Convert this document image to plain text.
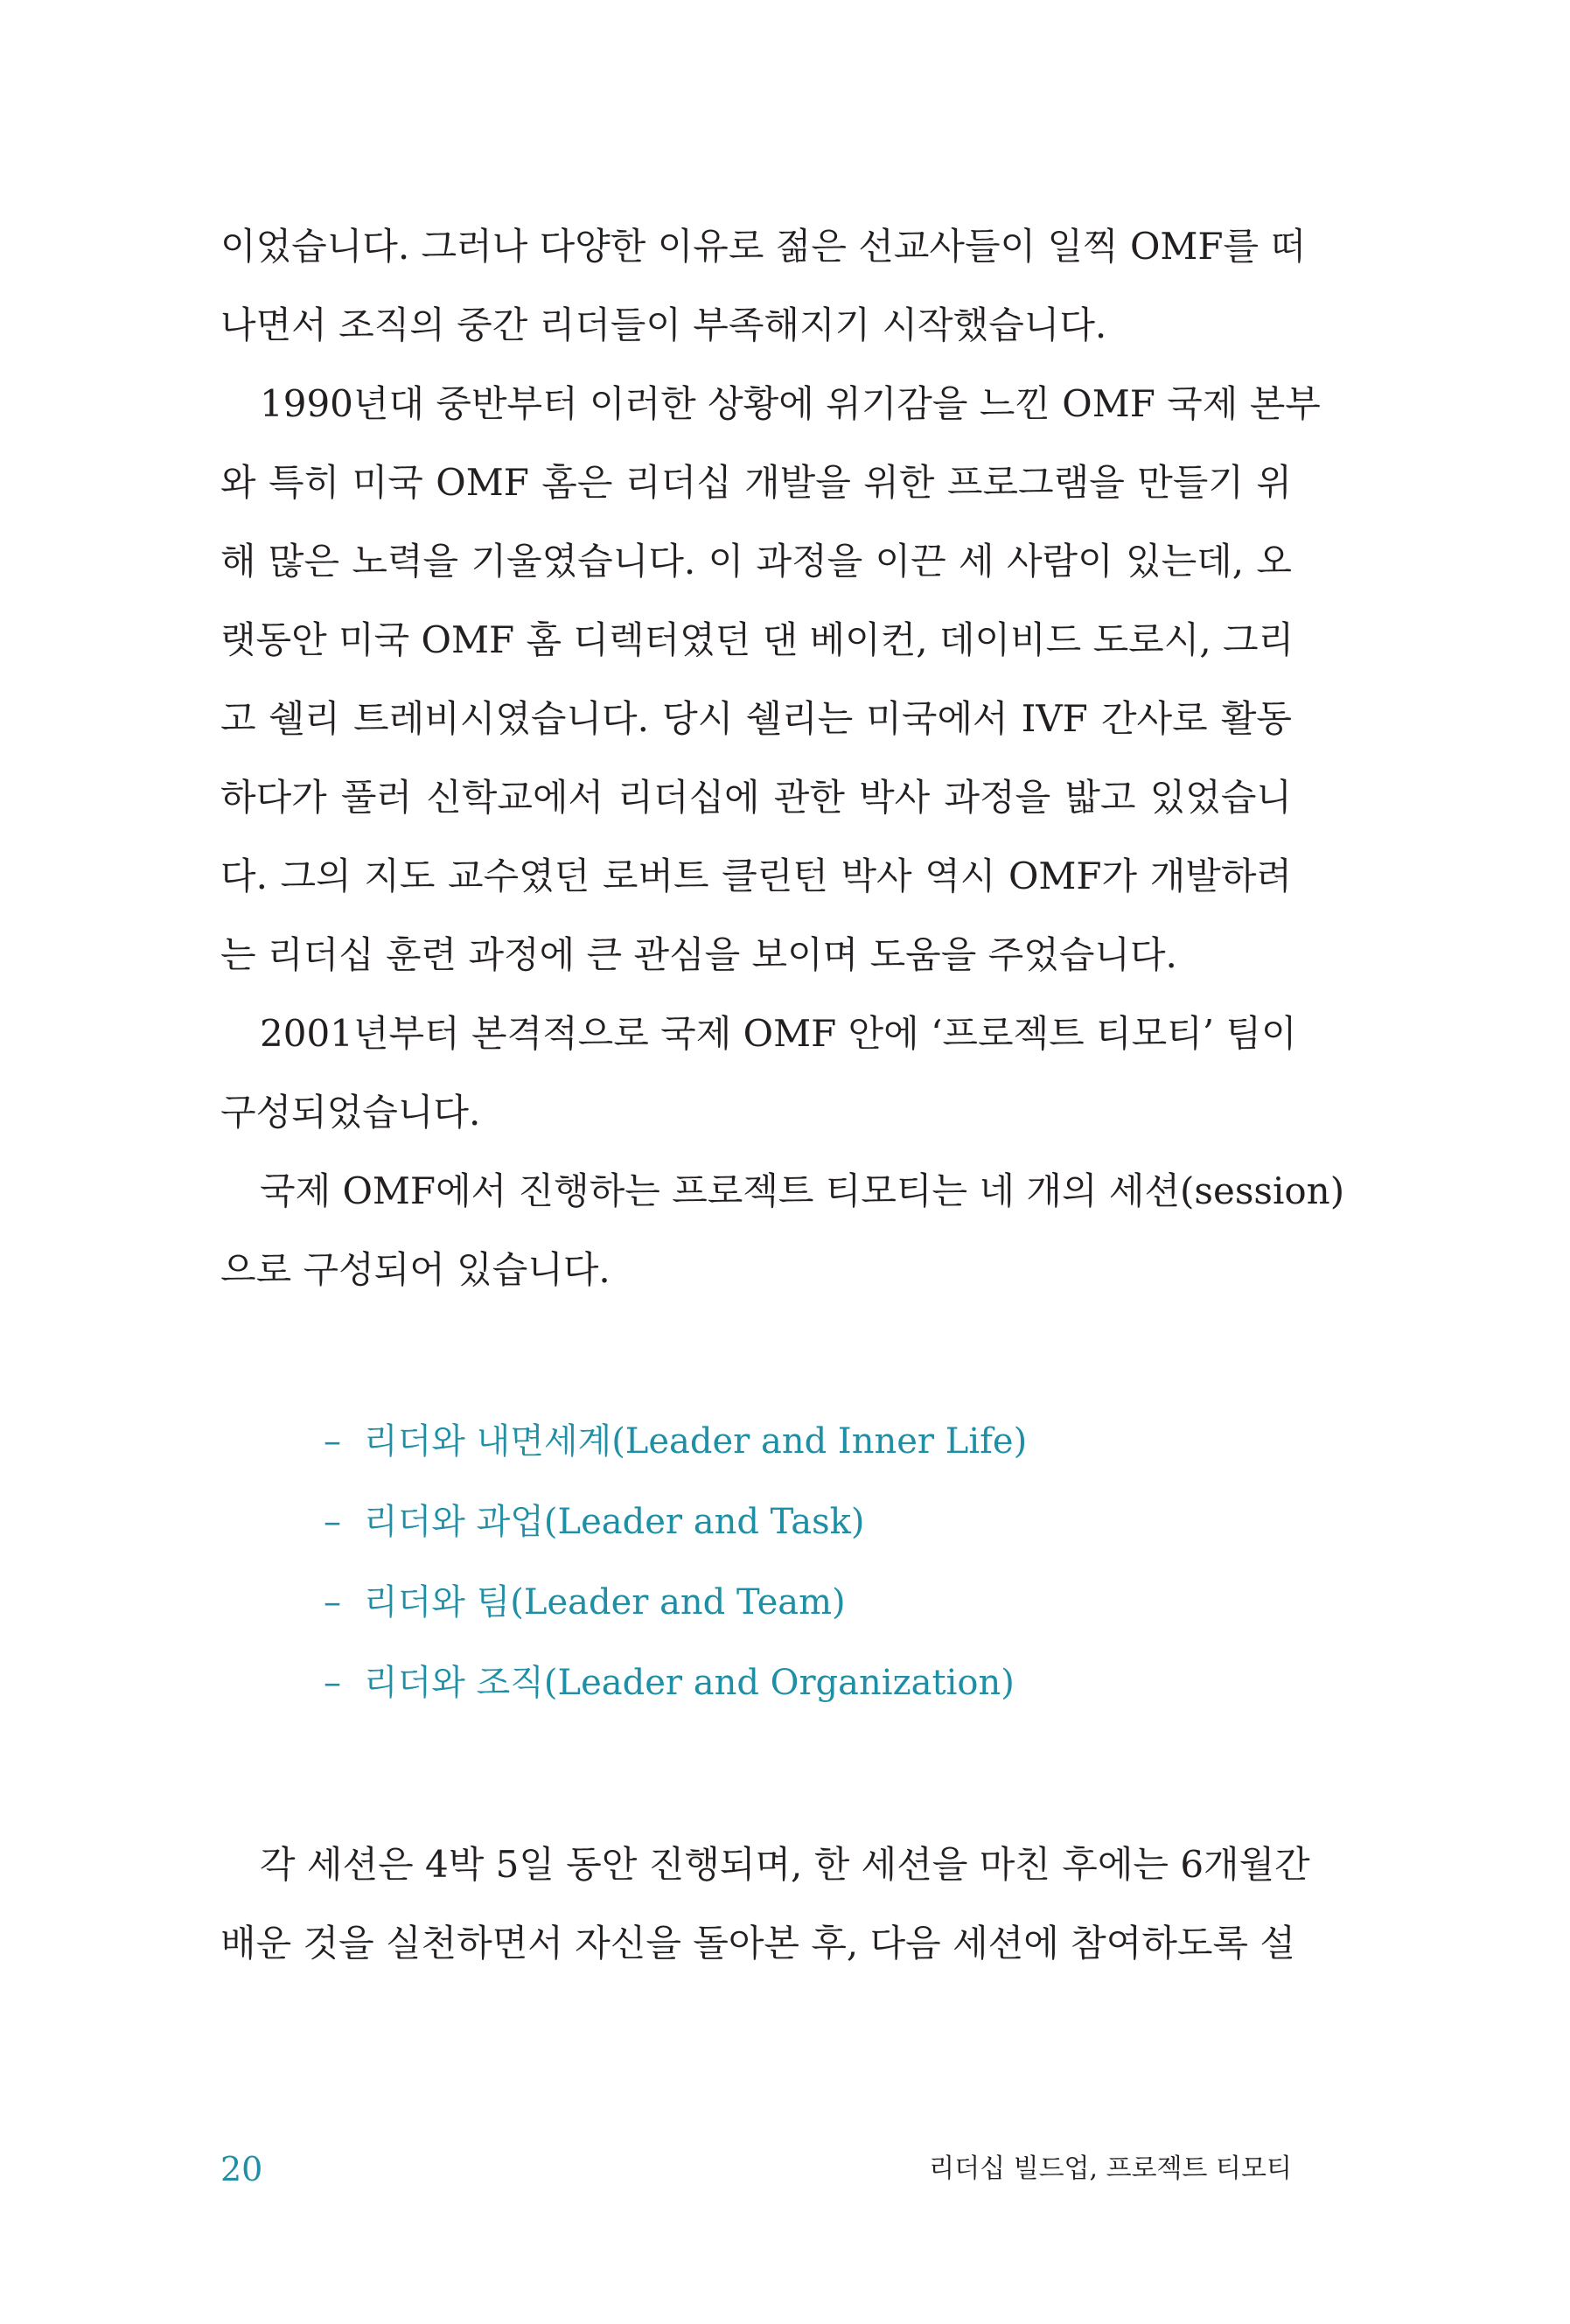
이었습니다. 그러나 다양한 이유로 젊은 선교사들이 일찍 OMF를 떠
나면서 조직의 중간 리더들이 부족해지기 시작했습니다.
1990년대 중반부터 이러한 상황에 위기감을 느낀 OMF 국제 본부
와 특히 미국 OMF 홈은 리더십 개발을 위한 프로그램을 만들기 위
해 많은 노력을 기울였습니다. 이 과정을 이끈 세 사람이 있는데, 오
랫동안 미국 OMF 홈 디렉터였던 댄 베이컨, 데이비드 도로시, 그리
고 쉘리 트레비시였습니다. 당시 쉘리는 미국에서 IVF 간사로 활동
하다가 풀러 신학교에서 리더십에 관한 박사 과정을 밟고 있었습니
다. 그의 지도 교수였던 로버트 클린턴 박사 역시 OMF가 개발하려
는 리더십 훈련 과정에 큰 관심을 보이며 도움을 주었습니다.
2001년부터 본격적으로 국제 OMF 안에 ‘프로젝트 티모티’ 팀이
구성되었습니다.
국제 OMF에서 진행하는 프로젝트 티모티는 네 개의 세션(session)
으로 구성되어 있습니다.
– 리더와 내면세계(Leader and Inner Life)
– 리더와 과업(Leader and Task)
– 리더와 팀(Leader and Team)
– 리더와 조직(Leader and Organization)
각 세션은 4박 5일 동안 진행되며, 한 세션을 마친 후에는 6개월간
배운 것을 실천하면서 자신을 돌아본 후, 다음 세션에 참여하도록 설
20	리더십 빌드업, 프로젝트 티모티
